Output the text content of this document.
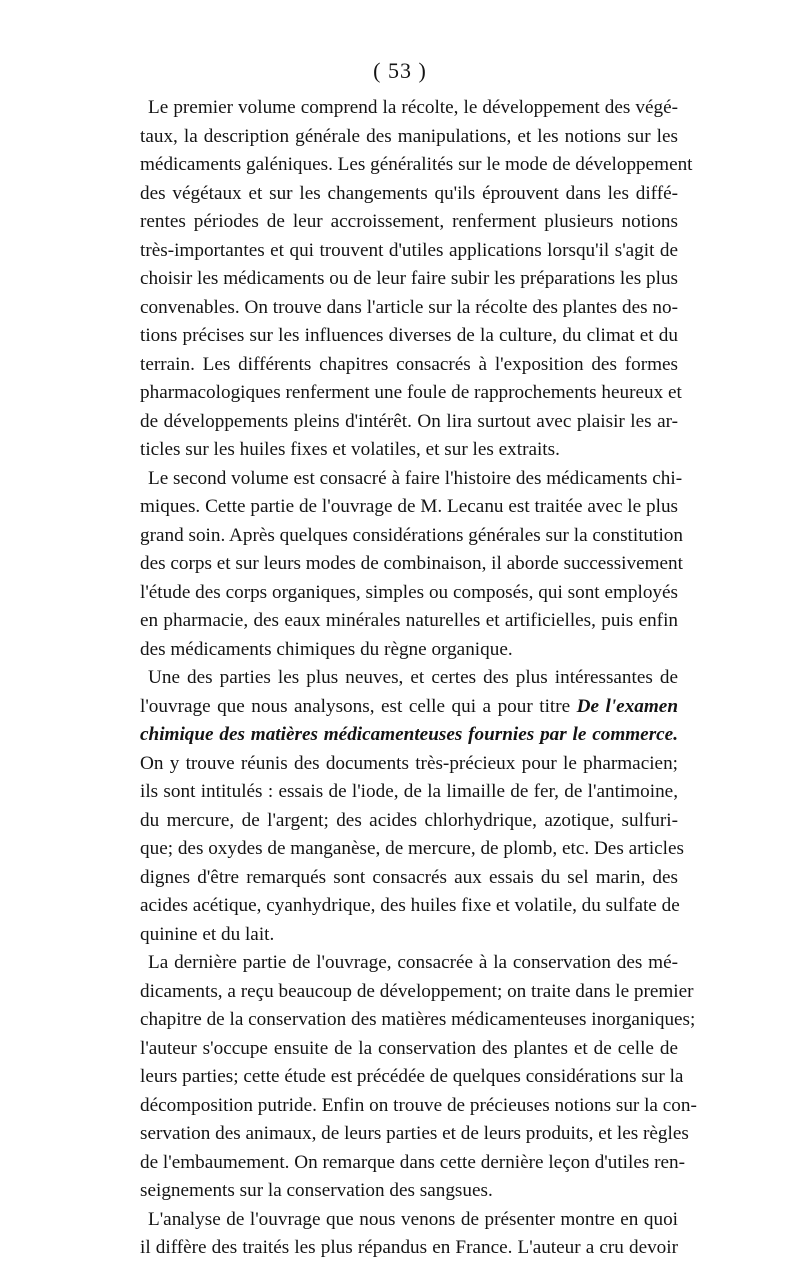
( 53 )
Le premier volume comprend la récolte, le développement des végé-
taux, la description générale des manipulations, et les notions sur les
médicaments galéniques. Les généralités sur le mode de développement
des végétaux et sur les changements qu'ils éprouvent dans les diffé-
rentes périodes de leur accroissement, renferment plusieurs notions
très-importantes et qui trouvent d'utiles applications lorsqu'il s'agit de
choisir les médicaments ou de leur faire subir les préparations les plus
convenables. On trouve dans l'article sur la récolte des plantes des no-
tions précises sur les influences diverses de la culture, du climat et du
terrain. Les différents chapitres consacrés à l'exposition des formes
pharmacologiques renferment une foule de rapprochements heureux et
de développements pleins d'intérêt. On lira surtout avec plaisir les ar-
ticles sur les huiles fixes et volatiles, et sur les extraits.
Le second volume est consacré à faire l'histoire des médicaments chi-
miques. Cette partie de l'ouvrage de M. Lecanu est traitée avec le plus
grand soin. Après quelques considérations générales sur la constitution
des corps et sur leurs modes de combinaison, il aborde successivement
l'étude des corps organiques, simples ou composés, qui sont employés
en pharmacie, des eaux minérales naturelles et artificielles, puis enfin
des médicaments chimiques du règne organique.
Une des parties les plus neuves, et certes des plus intéressantes de
l'ouvrage que nous analysons, est celle qui a pour titre De l'examen
chimique des matières médicamenteuses fournies par le commerce.
On y trouve réunis des documents très-précieux pour le pharmacien;
ils sont intitulés : essais de l'iode, de la limaille de fer, de l'antimoine,
du mercure, de l'argent; des acides chlorhydrique, azotique, sulfuri-
que; des oxydes de manganèse, de mercure, de plomb, etc. Des articles
dignes d'être remarqués sont consacrés aux essais du sel marin, des
acides acétique, cyanhydrique, des huiles fixe et volatile, du sulfate de
quinine et du lait.
La dernière partie de l'ouvrage, consacrée à la conservation des mé-
dicaments, a reçu beaucoup de développement; on traite dans le premier
chapitre de la conservation des matières médicamenteuses inorganiques;
l'auteur s'occupe ensuite de la conservation des plantes et de celle de
leurs parties; cette étude est précédée de quelques considérations sur la
décomposition putride. Enfin on trouve de précieuses notions sur la con-
servation des animaux, de leurs parties et de leurs produits, et les règles
de l'embaumement. On remarque dans cette dernière leçon d'utiles ren-
seignements sur la conservation des sangsues.
L'analyse de l'ouvrage que nous venons de présenter montre en quoi
il diffère des traités les plus répandus en France. L'auteur a cru devoir
